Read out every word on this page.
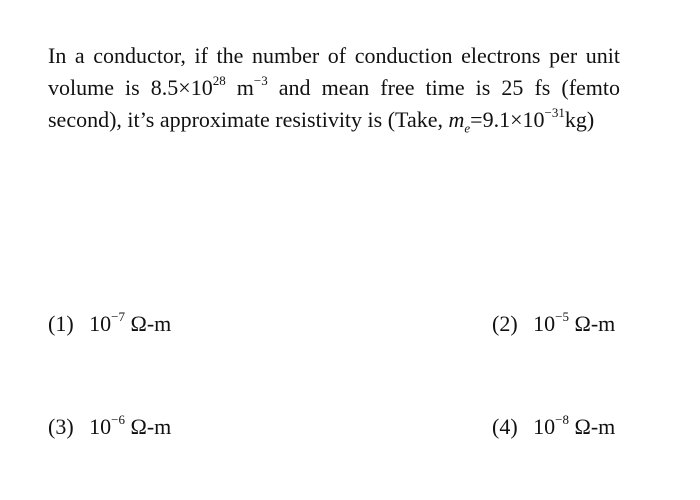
In a conductor, if the number of conduction electrons per unit
volume is $8.5\times 10^{28}$ $m^{-3}$ and mean free time is 25 fs (femto
second), it’s approximate resistivity is (Take, $m_e=9.1\times 10^{-31}kg$)
(1) $10^{-7}$ Ω-m	(2) $10^{-5}$ Ω-m
(3) $10^{-6}$ Ω-m	(4) $10^{-8}$ Ω-m
